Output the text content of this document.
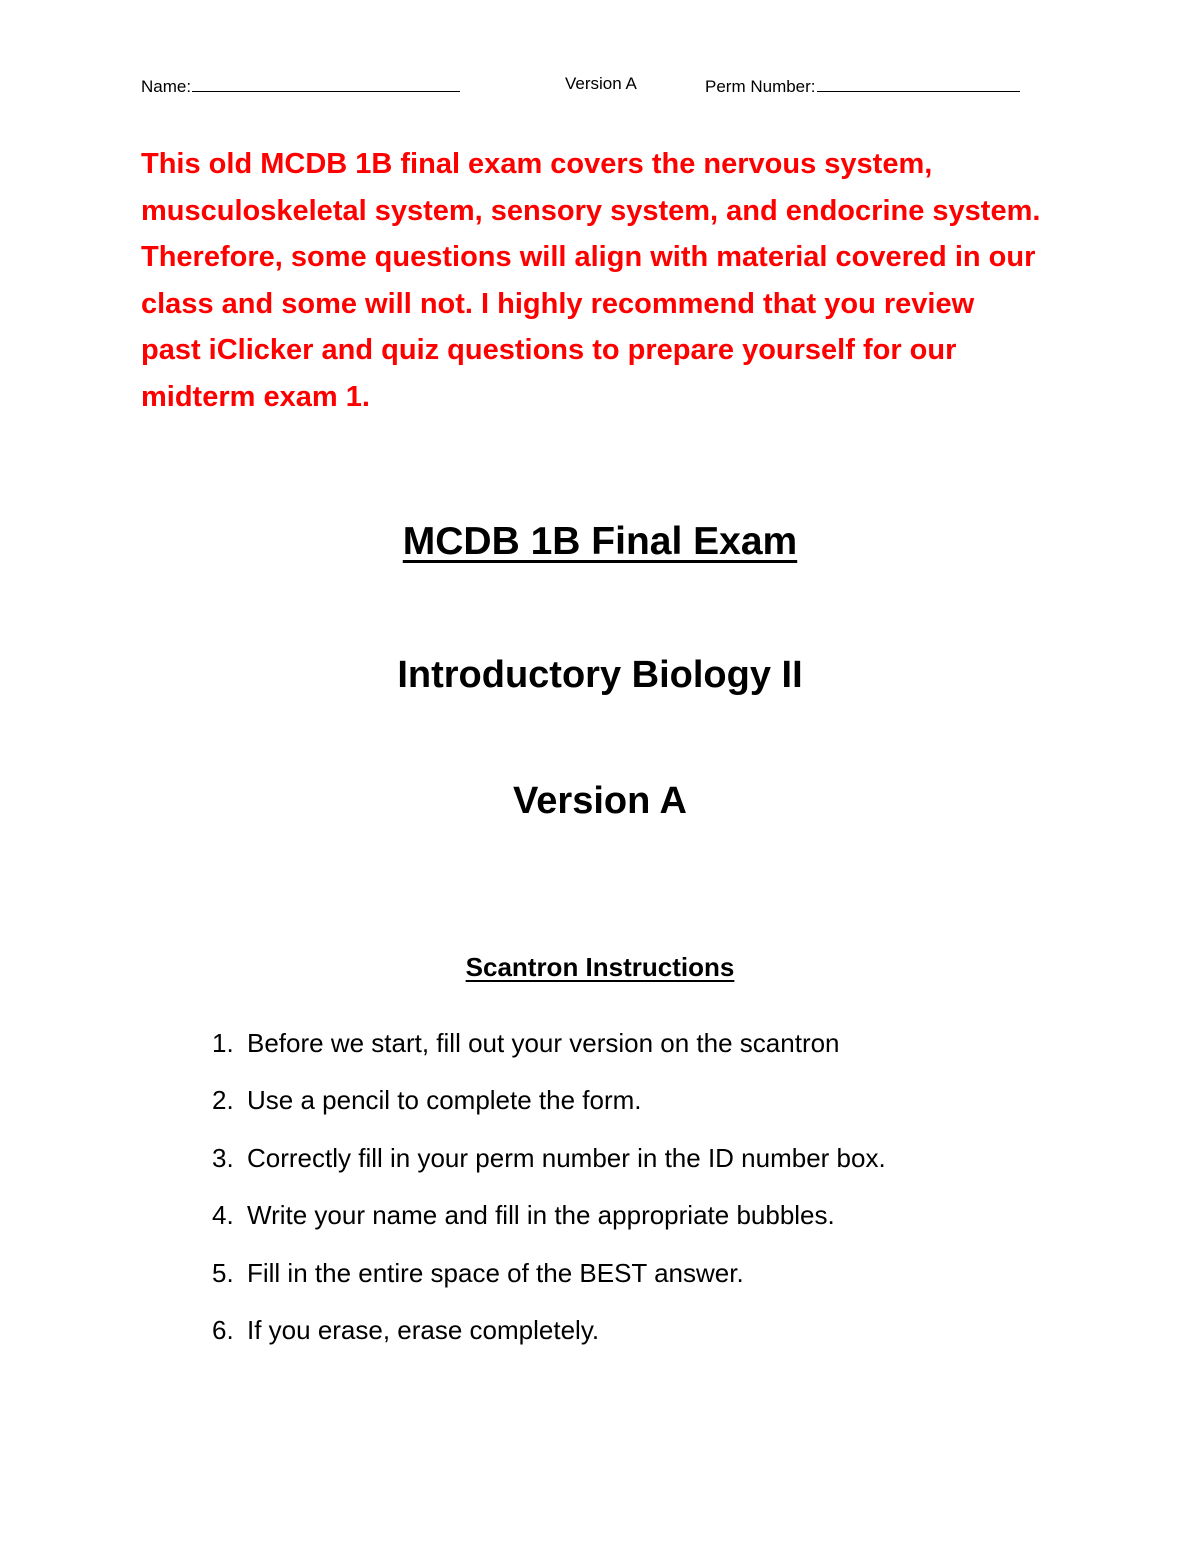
Name:	Version A	Perm Number:

This old MCDB 1B final exam covers the nervous system, musculoskeletal system, sensory system, and endocrine system. Therefore, some questions will align with material covered in our class and some will not. I highly recommend that you review past iClicker and quiz questions to prepare yourself for our midterm exam 1.

MCDB 1B Final Exam
Introductory Biology II
Version A
Scantron Instructions
1. Before we start, fill out your version on the scantron
2. Use a pencil to complete the form.
3. Correctly fill in your perm number in the ID number box.
4. Write your name and fill in the appropriate bubbles.
5. Fill in the entire space of the BEST answer.
6. If you erase, erase completely.
